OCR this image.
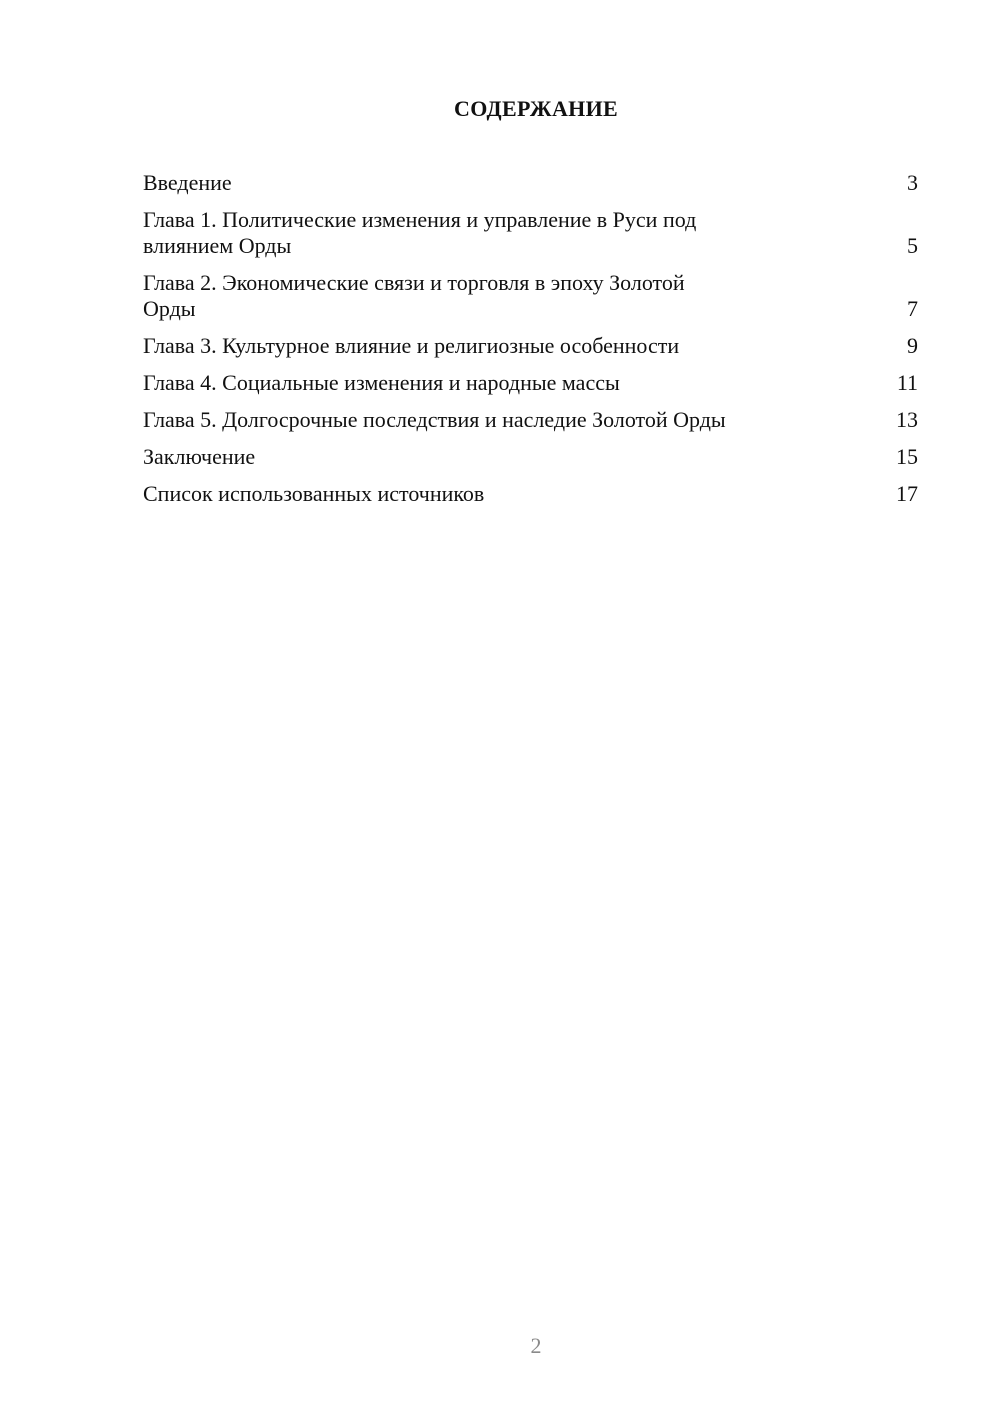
СОДЕРЖАНИЕ
Введение	3
Глава 1. Политические изменения и управление в Руси под
влиянием Орды	5
Глава 2. Экономические связи и торговля в эпоху Золотой
Орды	7
Глава 3. Культурное влияние и религиозные особенности	9
Глава 4. Социальные изменения и народные массы	11
Глава 5. Долгосрочные последствия и наследие Золотой Орды	13
Заключение	15
Список использованных источников	17
2
